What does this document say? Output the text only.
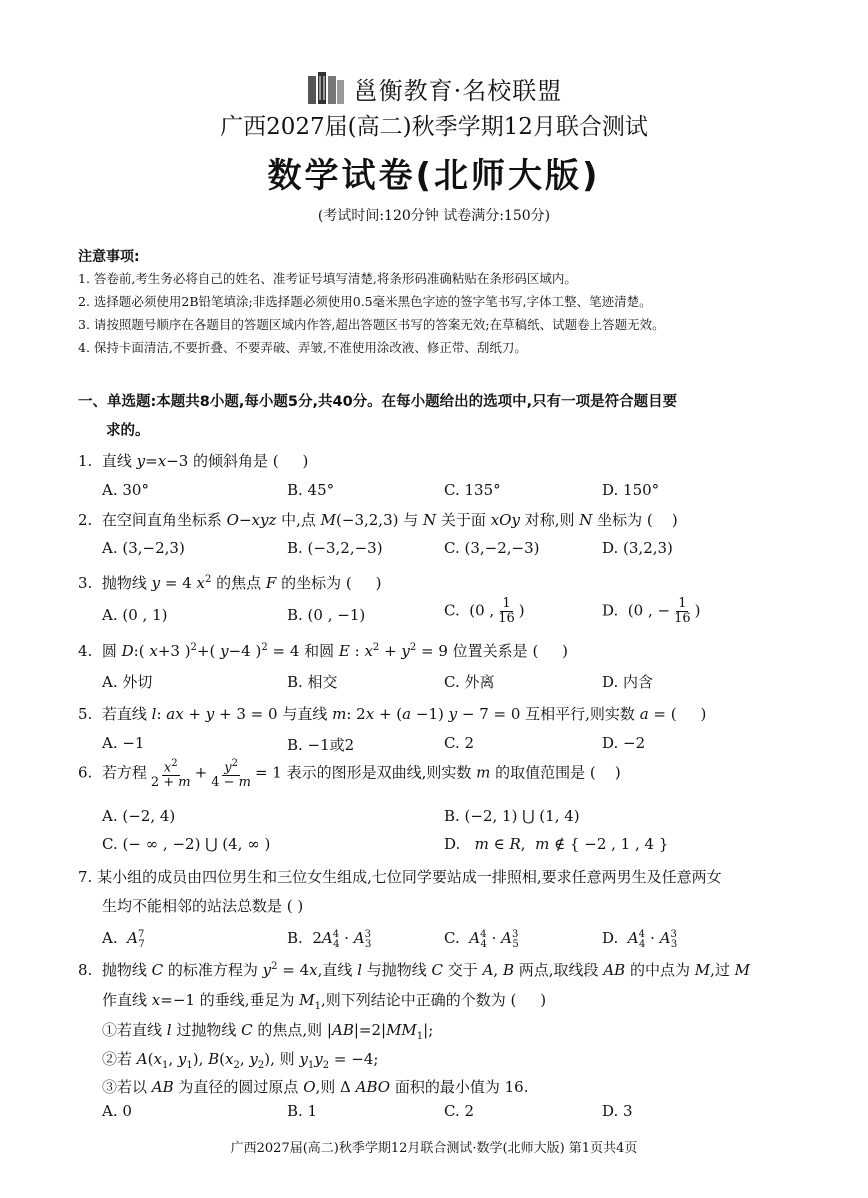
邕衡教育·名校联盟
广西2027届(高二)秋季学期12月联合测试
数学试卷(北师大版)
(考试时间:120分钟 试卷满分:150分)
注意事项:
1. 答卷前,考生务必将自己的姓名、准考证号填写清楚,将条形码准确粘贴在条形码区域内。
2. 选择题必须使用2B铅笔填涂;非选择题必须使用0.5毫米黑色字迹的签字笔书写,字体工整、笔迹清楚。
3. 请按照题号顺序在各题目的答题区域内作答,超出答题区书写的答案无效;在草稿纸、试题卷上答题无效。
4. 保持卡面清洁,不要折叠、不要弄破、弄皱,不准使用涂改液、修正带、刮纸刀。
一、单选题:本题共8小题,每小题5分,共40分。在每小题给出的选项中,只有一项是符合题目要
求的。
1.  直线 y=x−3 的倾斜角是 (     )
A. 30°	B. 45°	C. 135°	D. 150°
2.  在空间直角坐标系 O−xyz 中,点 M(−3,2,3) 与 N 关于面 xOy 对称,则 N 坐标为 (    )
A. (3,−2,3)	B. (−3,2,−3)	C. (3,−2,−3)	D. (3,2,3)
3.  抛物线 y = 4 $x^2$ 的焦点 F 的坐标为 (     )
A. (0 , 1)	B. (0 , −1)	C.  (0 , $\frac{1}{16}$ )	D.  (0 , − $\frac{1}{16}$ )
4.  圆 D:( x+3 )$^2$+( y−4 )$^2$ = 4 和圆 E : $x^2 + y^2 = 9$ 位置关系是 (     )
A. 外切	B. 相交	C. 外离	D. 内含
5.  若直线 l: ax + y + 3 = 0 与直线 m: 2x + (a −1) y − 7 = 0 互相平行,则实数 a = (     )
A. −1	B. −1或2	C. 2	D. −2
6.  若方程 $\frac{x^2}{2 + m} + \frac{y^2}{4 - m} = 1$ 表示的图形是双曲线,则实数 m 的取值范围是 (    )
A. (−2, 4)	B. (−2, 1) ⋃ (1, 4)
C. (− ∞ , −2) ⋃ (4, ∞ )	D.   m ∈ R,  m ∉ { −2 , 1 , 4 }
7. 某小组的成员由四位男生和三位女生组成,七位同学要站成一排照相,要求任意两男生及任意两女
生均不能相邻的站法总数是 ( )
A.  $A^7_7$	B.  $2A^4_4 \cdot A^3_3$	C.  $A^4_4 \cdot A^3_5$	D.  $A^4_4 \cdot A^3_3$
8.  抛物线 C 的标准方程为 $y^2 = 4x$,直线 l 与抛物线 C 交于 A, B 两点,取线段 AB 的中点为 M,过 M
作直线 x=−1 的垂线,垂足为 $M_1$,则下列结论中正确的个数为 (     )
①若直线 l 过抛物线 C 的焦点,则 $|AB|=2|MM_1|$;
②若 $A(x_1$, $y_1$), $B(x_2$, $y_2$), 则 $y_1y_2 = -4$;
③若以 AB 为直径的圆过原点 O,则 Δ ABO 面积的最小值为 16.
A. 0	B. 1	C. 2	D. 3
广西2027届(高二)秋季学期12月联合测试·数学(北师大版) 第1页共4页
